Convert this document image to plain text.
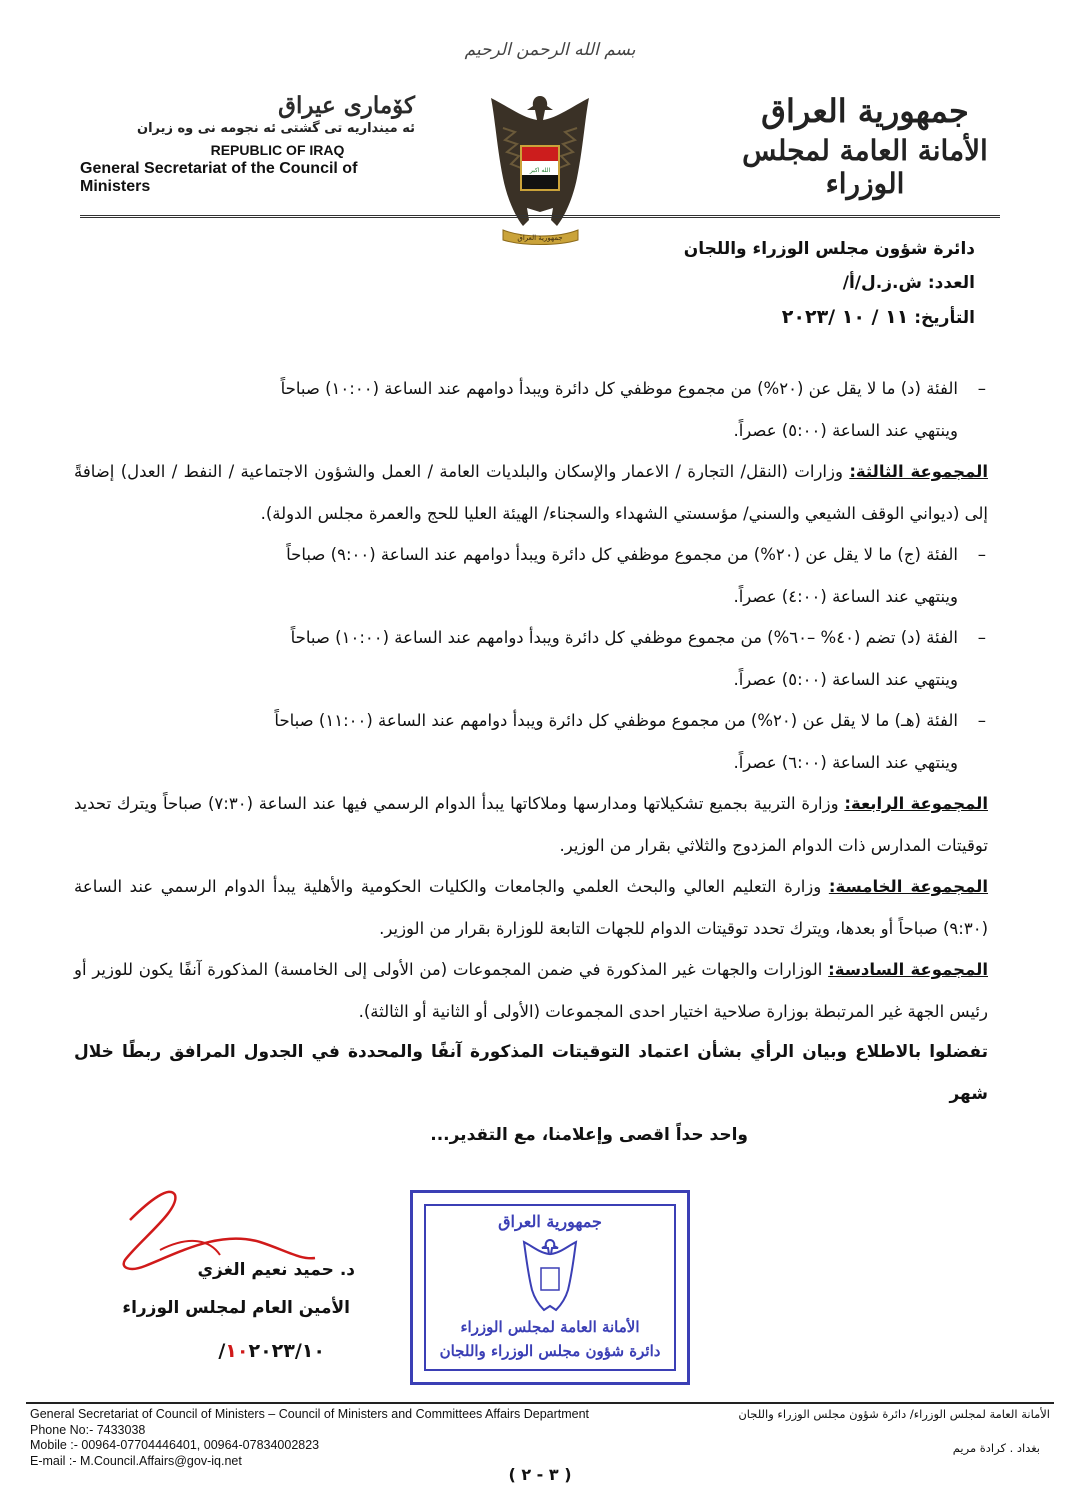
بسم الله الرحمن الرحيم
كۆمارى عيراق
ئه مینداریه تى گشتى ئه نجومه نى وه زيران
REPUBLIC OF IRAQ
General Secretariat of the Council of Ministers
الله اكبر
جمهورية العراق
جمهورية العراق
الأمانة العامة لمجلس الوزراء
دائرة شؤون مجلس الوزراء واللجان
العدد: ش.ز.ل/أ/
التأريخ: ١١ / ١٠ /٢٠٢٣

–
الفئة (د) ما لا يقل عن (٢٠%) من مجموع موظفي كل دائرة ويبدأ دوامهم عند الساعة (١٠:٠٠) صباحاً
وينتهي عند الساعة (٥:٠٠) عصراً.

المجموعة الثالثة: وزارات (النقل/ التجارة / الاعمار والإسكان والبلديات العامة / العمل والشؤون الاجتماعية / النفط / العدل) إضافةً إلى (ديواني الوقف الشيعي والسني/ مؤسستي الشهداء والسجناء/ الهيئة العليا للحج والعمرة مجلس الدولة).

–
الفئة (ج) ما لا يقل عن (٢٠%) من مجموع موظفي كل دائرة ويبدأ دوامهم عند الساعة (٩:٠٠) صباحاً
وينتهي عند الساعة (٤:٠٠) عصراً.

–
الفئة (د) تضم (٤٠% –٦٠%) من مجموع موظفي كل دائرة ويبدأ دوامهم عند الساعة (١٠:٠٠) صباحاً
وينتهي عند الساعة (٥:٠٠) عصراً.

–
الفئة (هـ) ما لا يقل عن (٢٠%) من مجموع موظفي كل دائرة ويبدأ دوامهم عند الساعة (١١:٠٠) صباحاً
وينتهي عند الساعة (٦:٠٠) عصراً.

المجموعة الرابعة: وزارة التربية بجميع تشكيلاتها ومدارسها وملاكاتها يبدأ الدوام الرسمي فيها عند الساعة (٧:٣٠) صباحاً ويترك تحديد توقيتات المدارس ذات الدوام المزدوج والثلاثي بقرار من الوزير.

المجموعة الخامسة: وزارة التعليم العالي والبحث العلمي والجامعات والكليات الحكومية والأهلية يبدأ الدوام الرسمي عند الساعة (٩:٣٠) صباحاً أو بعدها، ويترك تحدد توقيتات الدوام للجهات التابعة للوزارة بقرار من الوزير.

المجموعة السادسة: الوزارات والجهات غير المذكورة في ضمن المجموعات (من الأولى إلى الخامسة) المذكورة آنفًا يكون للوزير أو رئيس الجهة غير المرتبطة بوزارة صلاحية اختيار احدى المجموعات (الأولى أو الثانية أو الثالثة).

تفضلوا بالاطلاع وبيان الرأي بشأن اعتماد التوقيتات المذكورة آنفًا والمحددة في الجدول المرافق ربطًا خلال شهر
واحد حداً اقصى وإعلامنا، مع التقدير...

د. حميد نعيم الغزي
الأمين العام لمجلس الوزراء
١٠٢٠٢٣/١٠/
جمهورية العراق
الأمانة العامة لمجلس الوزراء
دائرة شؤون مجلس الوزراء واللجان
General Secretariat of Council of Ministers – Council of Ministers and Committees Affairs Department
Phone No:- 7433038
Mobile :- 00964-07704446401, 00964-07834002823
E-mail :- M.Council.Affairs@gov-iq.net
الأمانة العامة لمجلس الوزراء/ دائرة شؤون مجلس الوزراء واللجان
بغداد . كرادة مريم
( ٣ - ٢ )
